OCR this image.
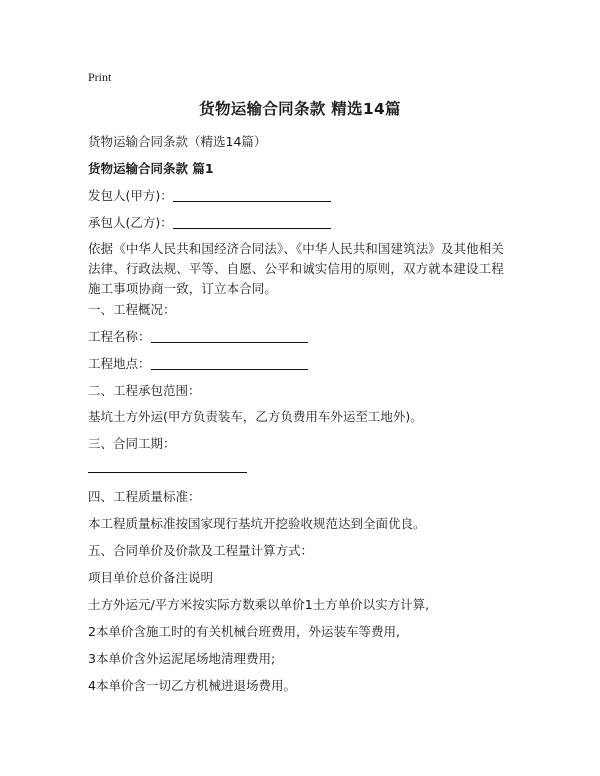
Print
货物运输合同条款 精选14篇
货物运输合同条款（精选14篇）
货物运输合同条款 篇1
发包人(甲方)：
承包人(乙方)：
依据《中华人民共和国经济合同法》、《中华人民共和国建筑法》及其他相关法律、行政法规、平等、自愿、公平和诚实信用的原则，双方就本建设工程施工事项协商一致，订立本合同。
一、工程概况：
工程名称：
工程地点：
二、工程承包范围：
基坑土方外运(甲方负责装车，乙方负费用车外运至工地外)。
三、合同工期：
四、工程质量标准：
本工程质量标准按国家现行基坑开挖验收规范达到全面优良。
五、合同单价及价款及工程量计算方式：
项目单价总价备注说明
土方外运元/平方米按实际方数乘以单价1土方单价以实方计算,
2本单价含施工时的有关机械台班费用，外运装车等费用,
3本单价含外运泥尾场地清理费用;
4本单价含一切乙方机械进退场费用。
